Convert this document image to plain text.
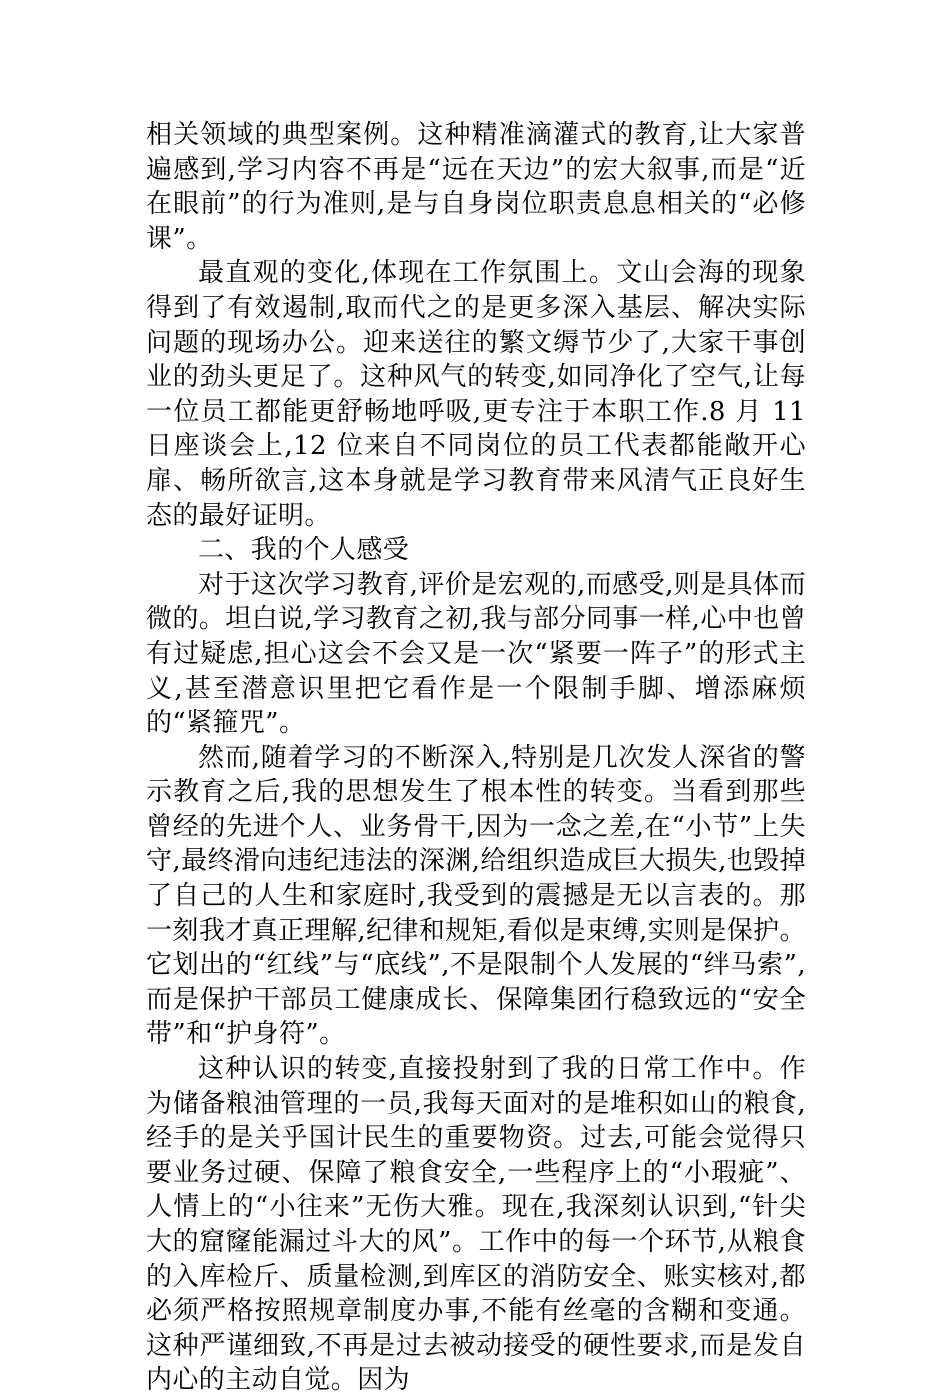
相关领域的典型案例。这种精准滴灌式的教育,让大家普遍感到,学习内容不再是“远在天边”的宏大叙事,而是“近在眼前”的行为准则,是与自身岗位职责息息相关的“必修课”。

最直观的变化,体现在工作氛围上。文山会海的现象得到了有效遏制,取而代之的是更多深入基层、解决实际问题的现场办公。迎来送往的繁文缛节少了,大家干事创业的劲头更足了。这种风气的转变,如同净化了空气,让每一位员工都能更舒畅地呼吸,更专注于本职工作.8 月 11 日座谈会上,12 位来自不同岗位的员工代表都能敞开心扉、畅所欲言,这本身就是学习教育带来风清气正良好生态的最好证明。

二、我的个人感受

对于这次学习教育,评价是宏观的,而感受,则是具体而微的。坦白说,学习教育之初,我与部分同事一样,心中也曾有过疑虑,担心这会不会又是一次“紧要一阵子”的形式主义,甚至潜意识里把它看作是一个限制手脚、增添麻烦的“紧箍咒”。

然而,随着学习的不断深入,特别是几次发人深省的警示教育之后,我的思想发生了根本性的转变。当看到那些曾经的先进个人、业务骨干,因为一念之差,在“小节”上失守,最终滑向违纪违法的深渊,给组织造成巨大损失,也毁掉了自己的人生和家庭时,我受到的震撼是无以言表的。那一刻我才真正理解,纪律和规矩,看似是束缚,实则是保护。它划出的“红线”与“底线”,不是限制个人发展的“绊马索”,而是保护干部员工健康成长、保障集团行稳致远的“安全带”和“护身符”。

这种认识的转变,直接投射到了我的日常工作中。作为储备粮油管理的一员,我每天面对的是堆积如山的粮食,经手的是关乎国计民生的重要物资。过去,可能会觉得只要业务过硬、保障了粮食安全,一些程序上的“小瑕疵”、人情上的“小往来”无伤大雅。现在,我深刻认识到,“针尖大的窟窿能漏过斗大的风”。工作中的每一个环节,从粮食的入库检斤、质量检测,到库区的消防安全、账实核对,都必须严格按照规章制度办事,不能有丝毫的含糊和变通。这种严谨细致,不再是过去被动接受的硬性要求,而是发自内心的主动自觉。因为
